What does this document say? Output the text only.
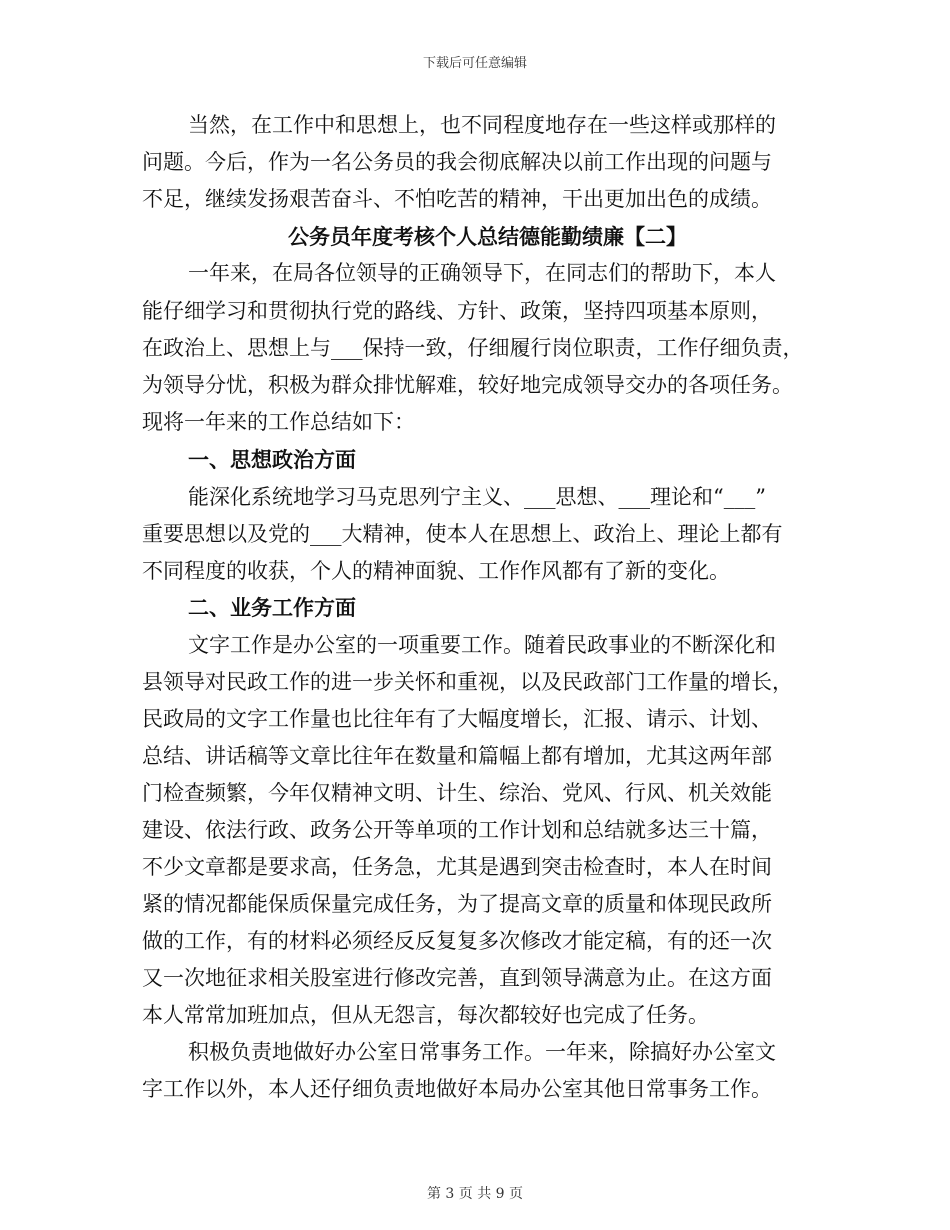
下载后可任意编辑
当然，在工作中和思想上，也不同程度地存在一些这样或那样的
问题。今后，作为一名公务员的我会彻底解决以前工作出现的问题与
不足，继续发扬艰苦奋斗、不怕吃苦的精神，干出更加出色的成绩。
公务员年度考核个人总结德能勤绩廉【二】
一年来，在局各位领导的正确领导下，在同志们的帮助下，本人
能仔细学习和贯彻执行党的路线、方针、政策，坚持四项基本原则，
在政治上、思想上与___保持一致，仔细履行岗位职责，工作仔细负责，
为领导分忧，积极为群众排忧解难，较好地完成领导交办的各项任务。
现将一年来的工作总结如下：
一、思想政治方面
能深化系统地学习马克思列宁主义、___思想、___理论和“___”
重要思想以及党的___大精神，使本人在思想上、政治上、理论上都有
不同程度的收获，个人的精神面貌、工作作风都有了新的变化。
二、业务工作方面
文字工作是办公室的一项重要工作。随着民政事业的不断深化和
县领导对民政工作的进一步关怀和重视，以及民政部门工作量的增长，
民政局的文字工作量也比往年有了大幅度增长，汇报、请示、计划、
总结、讲话稿等文章比往年在数量和篇幅上都有增加，尤其这两年部
门检查频繁，今年仅精神文明、计生、综治、党风、行风、机关效能
建设、依法行政、政务公开等单项的工作计划和总结就多达三十篇，
不少文章都是要求高，任务急，尤其是遇到突击检查时，本人在时间
紧的情况都能保质保量完成任务，为了提高文章的质量和体现民政所
做的工作，有的材料必须经反反复复多次修改才能定稿，有的还一次
又一次地征求相关股室进行修改完善，直到领导满意为止。在这方面
本人常常加班加点，但从无怨言，每次都较好也完成了任务。
积极负责地做好办公室日常事务工作。一年来，除搞好办公室文
字工作以外，本人还仔细负责地做好本局办公室其他日常事务工作。
第 3 页 共 9 页
